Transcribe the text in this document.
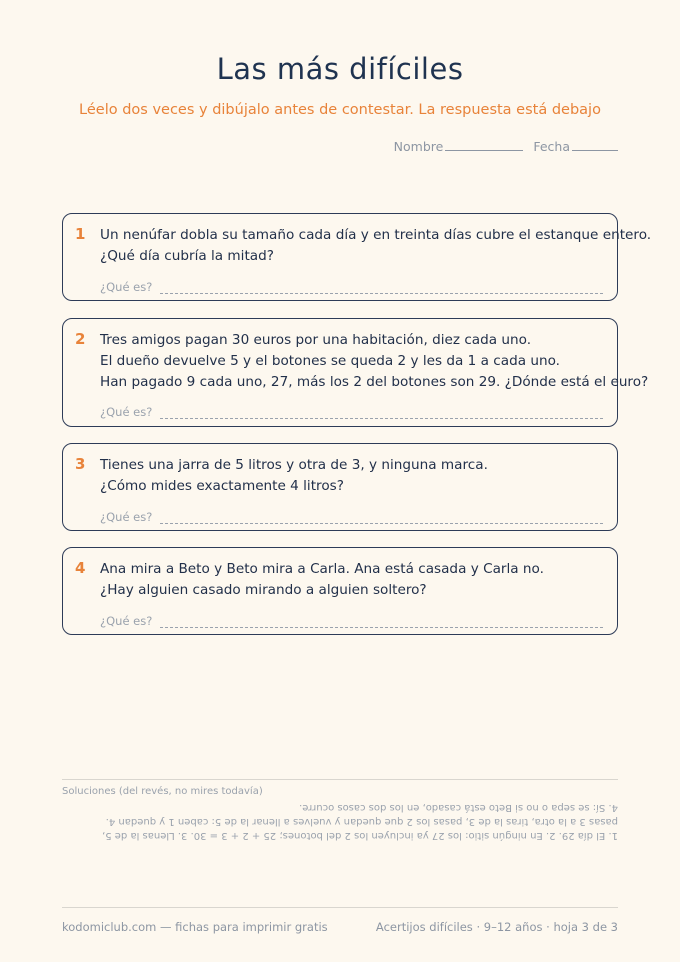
Las más difíciles
Léelo dos veces y dibújalo antes de contestar. La respuesta está debajo
Nombre	Fecha
1 Un nenúfar dobla su tamaño cada día y en treinta días cubre el estanque entero.
¿Qué día cubría la mitad?
¿Qué es?
2 Tres amigos pagan 30 euros por una habitación, diez cada uno.
El dueño devuelve 5 y el botones se queda 2 y les da 1 a cada uno.
Han pagado 9 cada uno, 27, más los 2 del botones son 29. ¿Dónde está el euro?
¿Qué es?
3 Tienes una jarra de 5 litros y otra de 3, y ninguna marca.
¿Cómo mides exactamente 4 litros?
¿Qué es?
4 Ana mira a Beto y Beto mira a Carla. Ana está casada y Carla no.
¿Hay alguien casado mirando a alguien soltero?
¿Qué es?
Soluciones (del revés, no mires todavía)
1. El día 29. 2. En ningún sitio: los 27 ya incluyen los 2 del botones; 25 + 2 + 3 = 30. 3. Llenas la de 5,
pasas 3 a la otra, tiras la de 3, pasas los 2 que quedan y vuelves a llenar la de 5: caben 1 y quedan 4.
4. Sí: se sepa o no si Beto está casado, en los dos casos ocurre.
kodomiclub.com — fichas para imprimir gratis	Acertijos difíciles · 9–12 años · hoja 3 de 3
